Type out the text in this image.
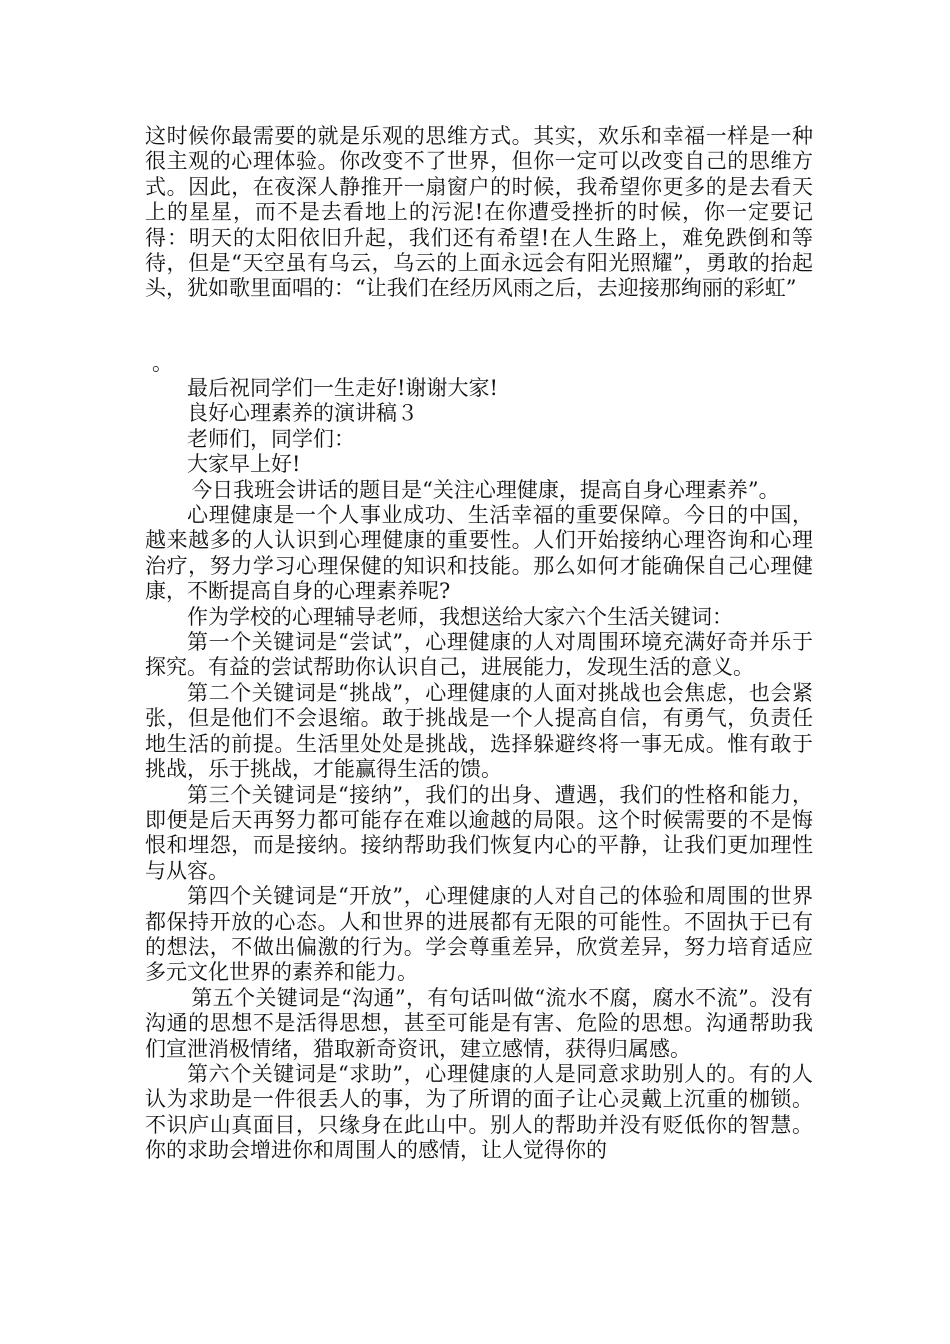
这时候你最需要的就是乐观的思维方式。其实，欢乐和幸福一样是一种很主观的心理体验。你改变不了世界，但你一定可以改变自己的思维方式。因此，在夜深人静推开一扇窗户的时候，我希望你更多的是去看天上的星星，而不是去看地上的污泥!在你遭受挫折的时候，你一定要记得：明天的太阳依旧升起，我们还有希望!在人生路上，难免跌倒和等待，但是“天空虽有乌云，乌云的上面永远会有阳光照耀”，勇敢的抬起头，犹如歌里面唱的：“让我们在经历风雨之后，去迎接那绚丽的彩虹”

。

最后祝同学们一生走好!谢谢大家!

良好心理素养的演讲稿３

老师们，同学们：

大家早上好!

今日我班会讲话的题目是“关注心理健康，提高自身心理素养”。

心理健康是一个人事业成功、生活幸福的重要保障。今日的中国，越来越多的人认识到心理健康的重要性。人们开始接纳心理咨询和心理治疗，努力学习心理保健的知识和技能。那么如何才能确保自己心理健康，不断提高自身的心理素养呢?

作为学校的心理辅导老师，我想送给大家六个生活关键词：

第一个关键词是“尝试”，心理健康的人对周围环境充满好奇并乐于探究。有益的尝试帮助你认识自己，进展能力，发现生活的意义。

第二个关键词是“挑战”，心理健康的人面对挑战也会焦虑，也会紧张，但是他们不会退缩。敢于挑战是一个人提高自信，有勇气，负责任地生活的前提。生活里处处是挑战，选择躲避终将一事无成。惟有敢于挑战，乐于挑战，才能赢得生活的馈。

第三个关键词是“接纳”，我们的出身、遭遇，我们的性格和能力，即便是后天再努力都可能存在难以逾越的局限。这个时候需要的不是悔恨和埋怨，而是接纳。接纳帮助我们恢复内心的平静，让我们更加理性与从容。

第四个关键词是“开放”，心理健康的人对自己的体验和周围的世界都保持开放的心态。人和世界的进展都有无限的可能性。不固执于已有的想法，不做出偏激的行为。学会尊重差异，欣赏差异，努力培育适应多元文化世界的素养和能力。

第五个关键词是“沟通”，有句话叫做“流水不腐，腐水不流”。没有沟通的思想不是活得思想，甚至可能是有害、危险的思想。沟通帮助我们宣泄消极情绪，猎取新奇资讯，建立感情，获得归属感。

第六个关键词是“求助”，心理健康的人是同意求助别人的。有的人认为求助是一件很丢人的事，为了所谓的面子让心灵戴上沉重的枷锁。不识庐山真面目，只缘身在此山中。别人的帮助并没有贬低你的智慧。你的求助会增进你和周围人的感情，让人觉得你的
